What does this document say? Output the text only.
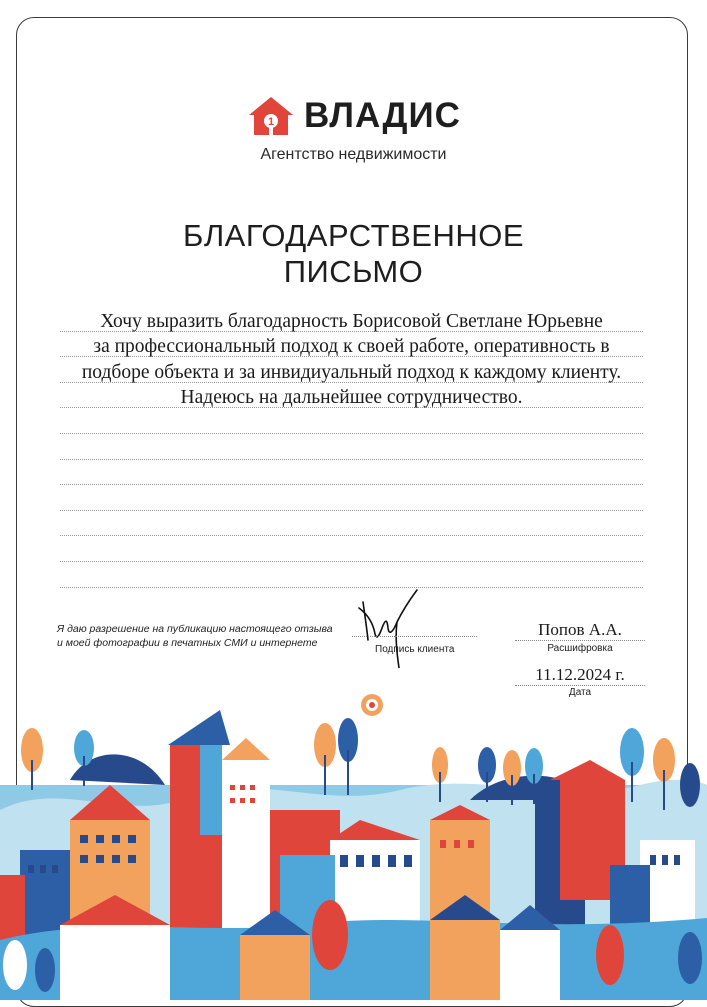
1 ВЛАДИС
Агентство недвижимости
БЛАГОДАРСТВЕННОЕ
ПИСЬМО
Хочу выразить благодарность Борисовой Светлане Юрьевне
за профессиональный подход к своей работе, оперативность в
подборе объекта и за инвидиуальный подход к каждому клиенту.
Надеюсь на дальнейшее сотрудничество.
Я даю разрешение на публикацию настоящего отзыва
и моей фотографии в печатных СМИ и интернете
Подпись клиента
Попов А.А.
Расшифровка
11.12.2024 г.
Дата
